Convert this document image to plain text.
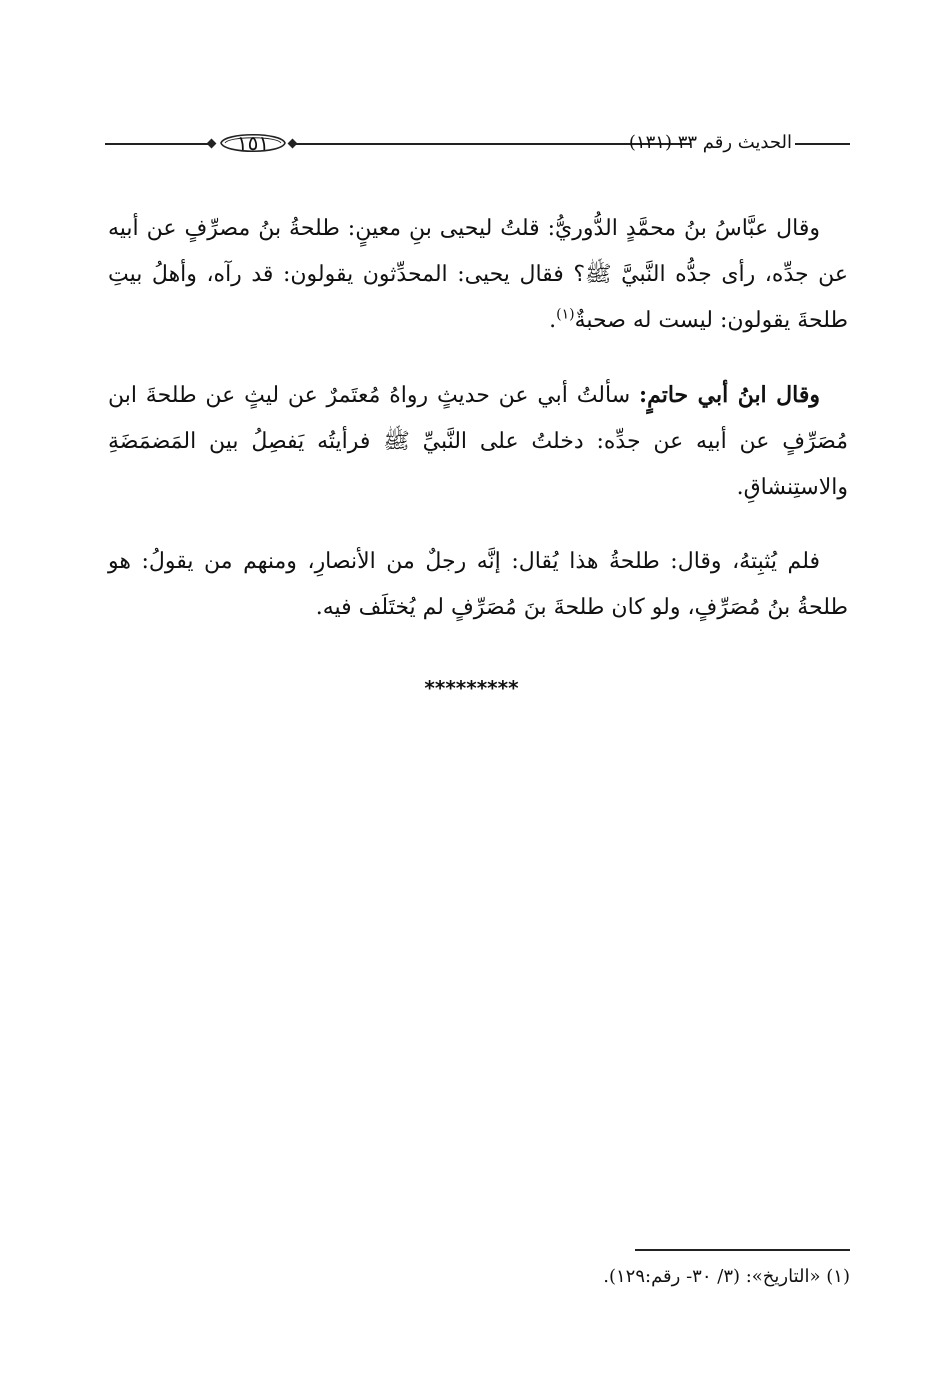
١٥١	الحديث رقم ٣٣ (١٣١)

وقال عبَّاسُ بنُ محمَّدٍ الدُّوريُّ: قلتُ ليحيى بنِ معينٍ: طلحةُ بنُ مصرِّفٍ عن أبيه عن جدِّه، رأى جدُّه النَّبيَّ ﷺ؟ فقال يحيى: المحدِّثون يقولون: قد رآه، وأهلُ بيتِ طلحةَ يقولون: ليست له صحبةٌ$^{(١)}$.

وقال ابنُ أبي حاتمٍ: سألتُ أبي عن حديثٍ رواهُ مُعتَمرٌ عن ليثٍ عن طلحةَ ابن مُصَرِّفٍ عن أبيه عن جدِّه: دخلتُ على النَّبيِّ ﷺ فرأيتُه يَفصِلُ بين المَضمَضَةِ والاستِنشاقِ.

فلم يُثبِتهُ، وقال: طلحةُ هذا يُقال: إنَّه رجلٌ من الأنصارِ، ومنهم من يقولُ: هو طلحةُ بنُ مُصَرِّفٍ، ولو كان طلحةَ بنَ مُصَرِّفٍ لم يُختَلَف فيه.

*********
(١) «التاريخ»: (٣/ ٣٠- رقم:١٢٩).
